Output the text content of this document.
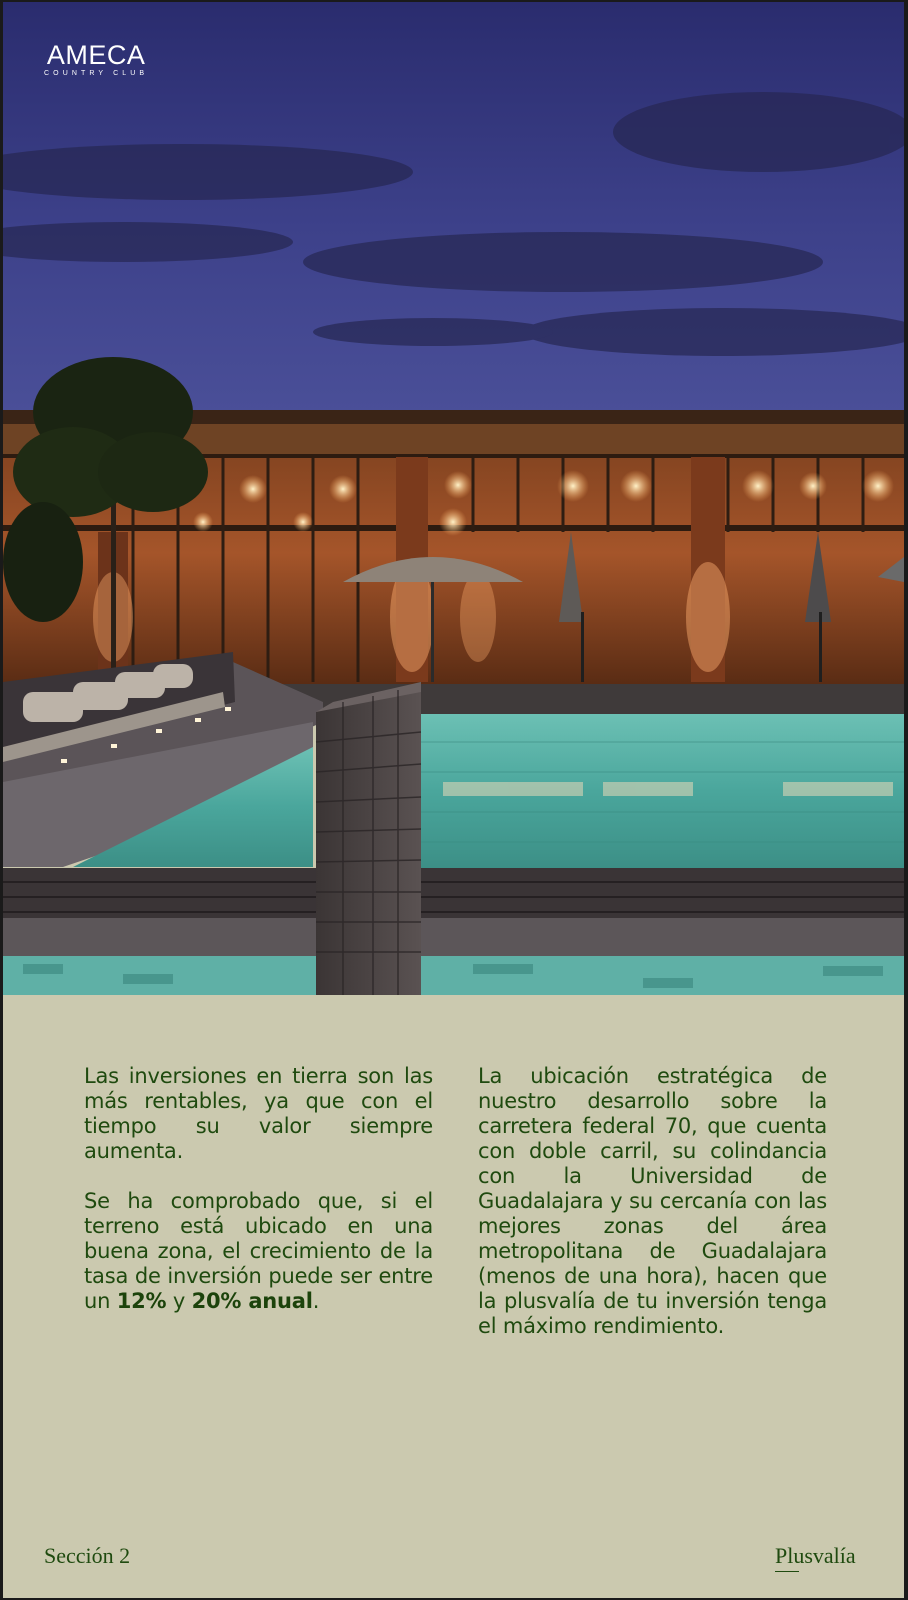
AMECA
COUNTRY CLUB

Las inversiones en tierra son las más rentables, ya que con el tiempo su valor siempre aumenta.

Se ha comprobado que, si el terreno está ubicado en una buena zona, el crecimiento de la tasa de inversión puede ser entre un 12% y 20% anual.

La ubicación estratégica de nuestro desarrollo sobre la carretera federal 70, que cuenta con doble carril, su colindancia con la Universidad de Guadalajara y su cercanía con las mejores zonas del área metropolitana de Guadalajara (menos de una hora), hacen que la plusvalía de tu inversión tenga el máximo rendimiento.

Sección 2	Plusvalía
